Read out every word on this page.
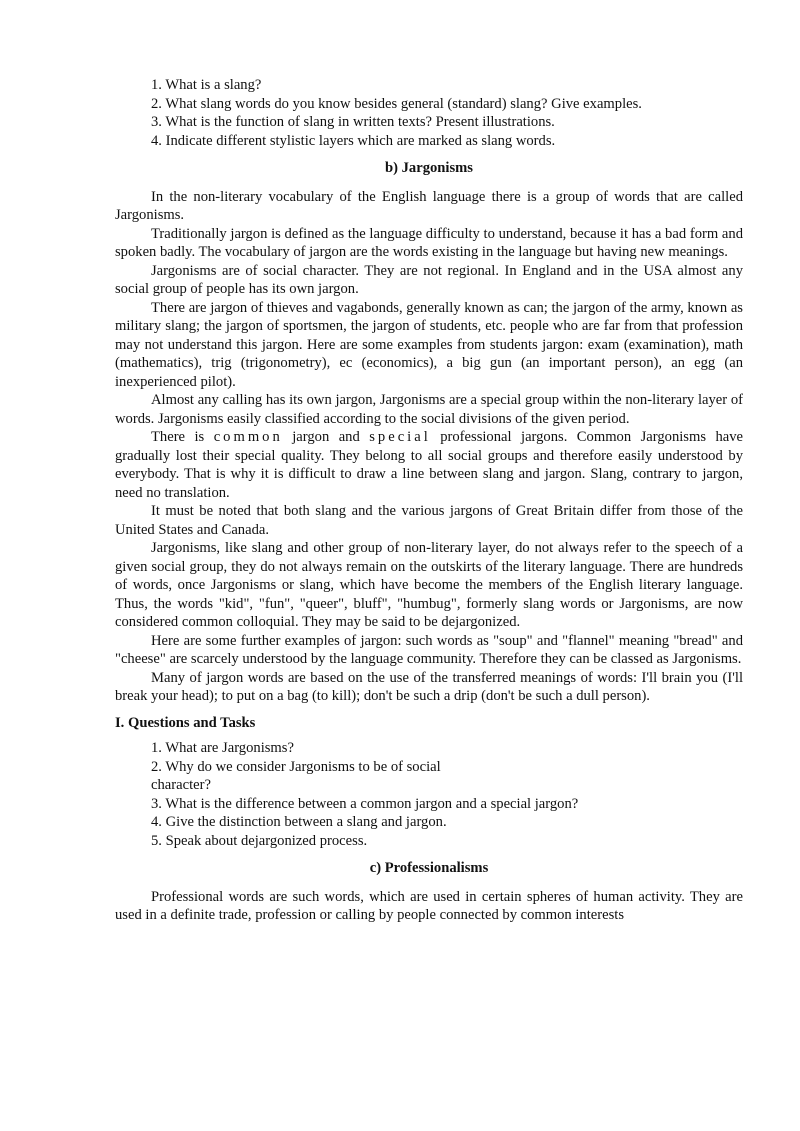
1. What is a slang?
2. What slang words do you know besides general (standard) slang? Give examples.
3. What is the function of slang in written texts? Present illustrations.
4. Indicate different stylistic layers which are marked as slang words.
b) Jargonisms

In the non-literary vocabulary of the English language there is a group of words that are called Jargonisms.

Traditionally jargon is defined as the language difficulty to understand, because it has a bad form and spoken badly. The vocabulary of jargon are the words existing in the language but having new meanings.

Jargonisms are of social character. They are not regional. In England and in the USA almost any social group of people has its own jargon.

There are jargon of thieves and vagabonds, generally known as can; the jargon of the army, known as military slang; the jargon of sportsmen, the jargon of students, etc. people who are far from that profession may not understand this jargon. Here are some examples from students jargon: exam (examination), math (mathematics), trig (trigonometry), ec (economics), a big gun (an important person), an egg (an inexperienced pilot).

Almost any calling has its own jargon, Jargonisms are a special group within the non-literary layer of words. Jargonisms easily classified according to the social divisions of the given period.

There is common jargon and special professional jargons. Common Jargonisms have gradually lost their special quality. They belong to all social groups and therefore easily understood by everybody. That is why it is difficult to draw a line between slang and jargon. Slang, contrary to jargon, need no translation.

It must be noted that both slang and the various jargons of Great Britain differ from those of the United States and Canada.

Jargonisms, like slang and other group of non-literary layer, do not always refer to the speech of a given social group, they do not always remain on the outskirts of the literary language. There are hundreds of words, once Jargonisms or slang, which have become the members of the English literary language. Thus, the words "kid", "fun", "queer", bluff", "humbug", formerly slang words or Jargonisms, are now considered common colloquial. They may be said to be dejargonized.

Here are some further examples of jargon: such words as "soup" and "flannel" meaning "bread" and "cheese" are scarcely understood by the language community. Therefore they can be classed as Jargonisms.

Many of jargon words are based on the use of the transferred meanings of words: I'll brain you (I'll break your head); to put on a bag (to kill); don't be such a drip (don't be such a dull person).

I. Questions and Tasks
1. What are Jargonisms?
2. Why do we consider Jargonisms to be of social character?
3. What is the difference between a common jargon and a special jargon?
4. Give the distinction between a slang and jargon.
5. Speak about dejargonized process.
c) Professionalisms

Professional words are such words, which are used in certain spheres of human activity. They are used in a definite trade, profession or calling by people connected by common interests
